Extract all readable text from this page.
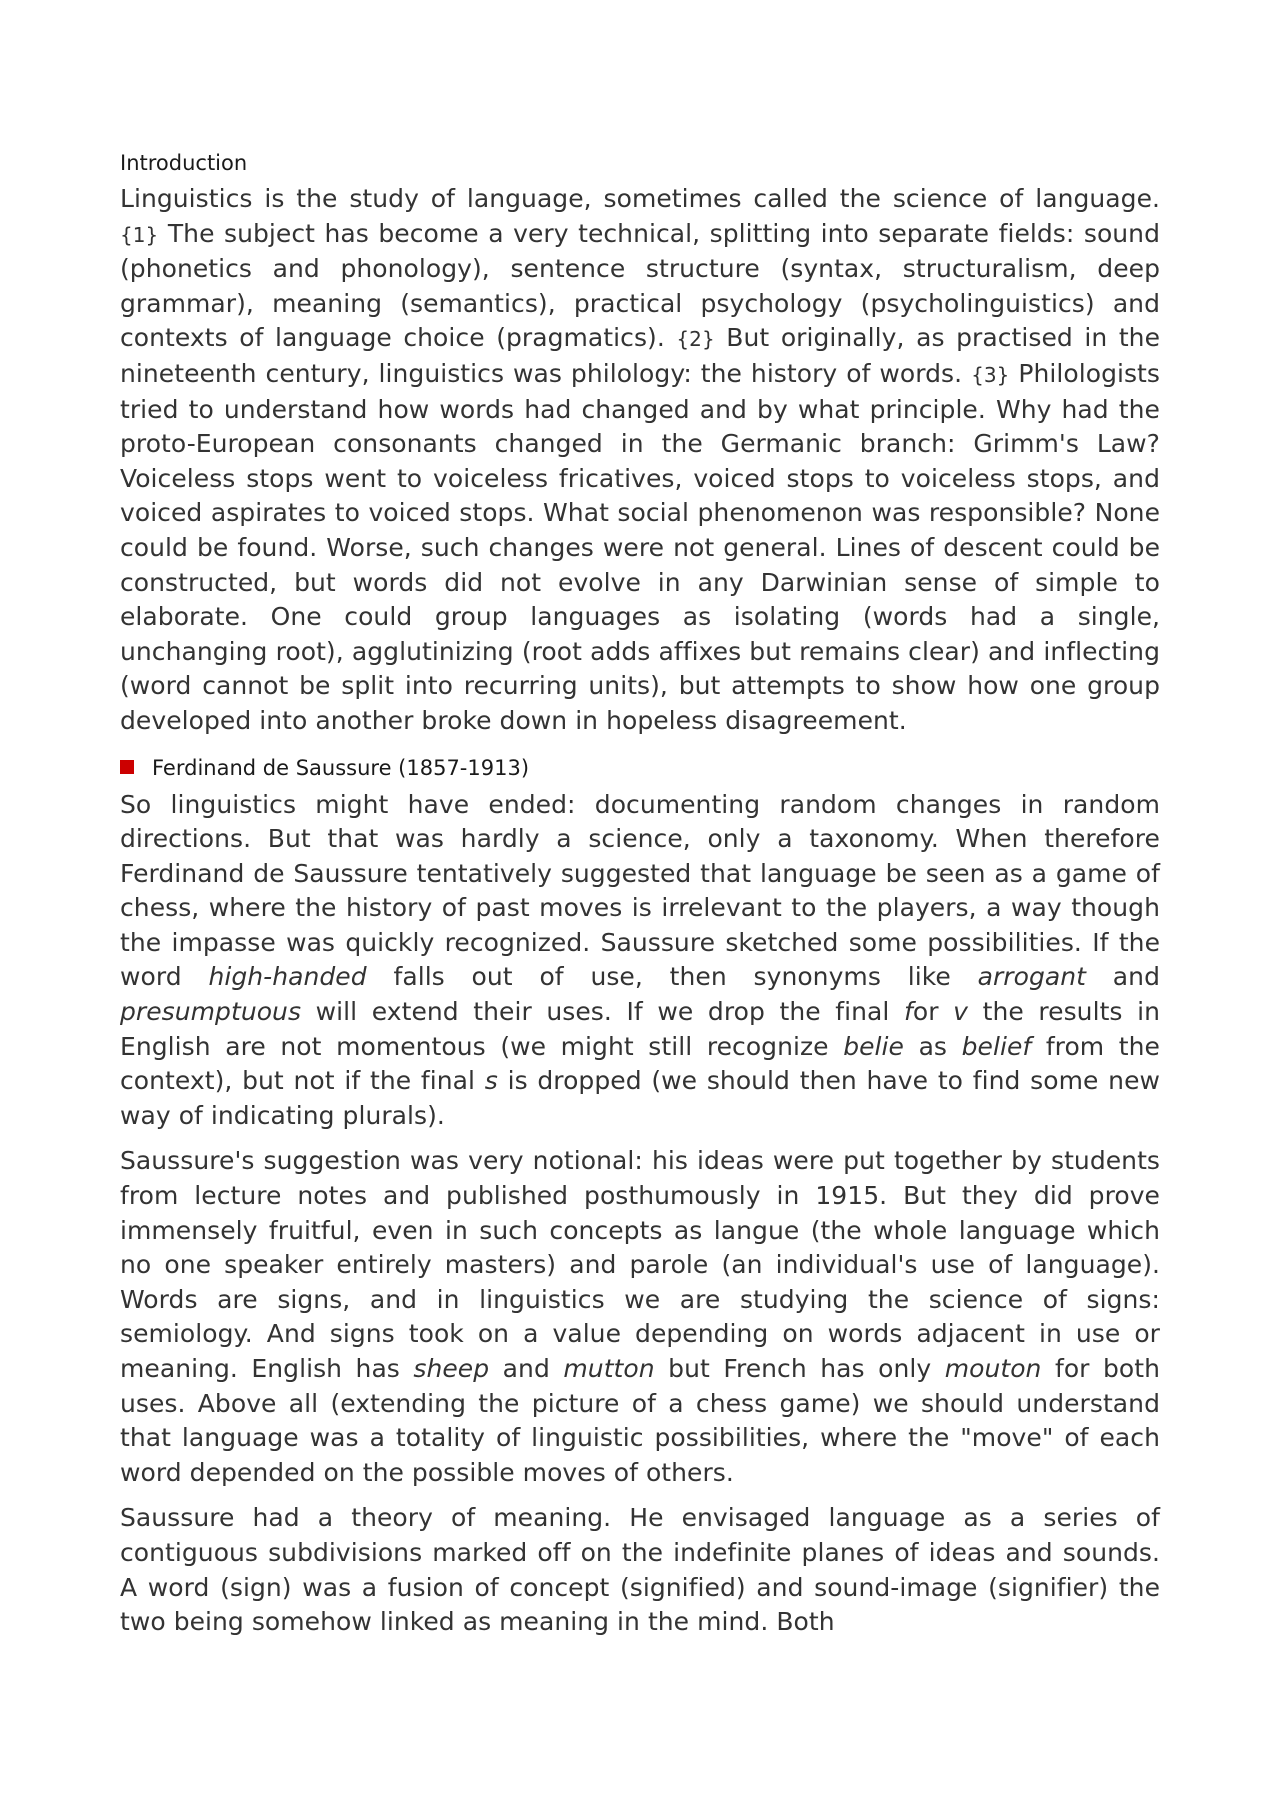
Introduction

Linguistics is the study of language, sometimes called the science of language. {1} The subject has become a very technical, splitting into separate fields: sound (phonetics and phonology), sentence structure (syntax, structuralism, deep grammar), meaning (semantics), practical psychology (psycholinguistics) and contexts of language choice (pragmatics). {2} But originally, as practised in the nineteenth century, linguistics was philology: the history of words. {3} Philologists tried to understand how words had changed and by what principle. Why had the proto-European consonants changed in the Germanic branch: Grimm's Law? Voiceless stops went to voiceless fricatives, voiced stops to voiceless stops, and voiced aspirates to voiced stops. What social phenomenon was responsible? None could be found. Worse, such changes were not general. Lines of descent could be constructed, but words did not evolve in any Darwinian sense of simple to elaborate. One could group languages as isolating (words had a single, unchanging root), agglutinizing (root adds affixes but remains clear) and inflecting (word cannot be split into recurring units), but attempts to show how one group developed into another broke down in hopeless disagreement.

Ferdinand de Saussure (1857-1913)

So linguistics might have ended: documenting random changes in random directions. But that was hardly a science, only a taxonomy. When therefore Ferdinand de Saussure tentatively suggested that language be seen as a game of chess, where the history of past moves is irrelevant to the players, a way though the impasse was quickly recognized. Saussure sketched some possibilities. If the word high-handed falls out of use, then synonyms like arrogant and presumptuous will extend their uses. If we drop the final for v the results in English are not momentous (we might still recognize belie as belief from the context), but not if the final s is dropped (we should then have to find some new way of indicating plurals).

Saussure's suggestion was very notional: his ideas were put together by students from lecture notes and published posthumously in 1915. But they did prove immensely fruitful, even in such concepts as langue (the whole language which no one speaker entirely masters) and parole (an individual's use of language). Words are signs, and in linguistics we are studying the science of signs: semiology. And signs took on a value depending on words adjacent in use or meaning. English has sheep and mutton but French has only mouton for both uses. Above all (extending the picture of a chess game) we should understand that language was a totality of linguistic possibilities, where the "move" of each word depended on the possible moves of others.

Saussure had a theory of meaning. He envisaged language as a series of contiguous subdivisions marked off on the indefinite planes of ideas and sounds. A word (sign) was a fusion of concept (signified) and sound-image (signifier) the two being somehow linked as meaning in the mind. Both
